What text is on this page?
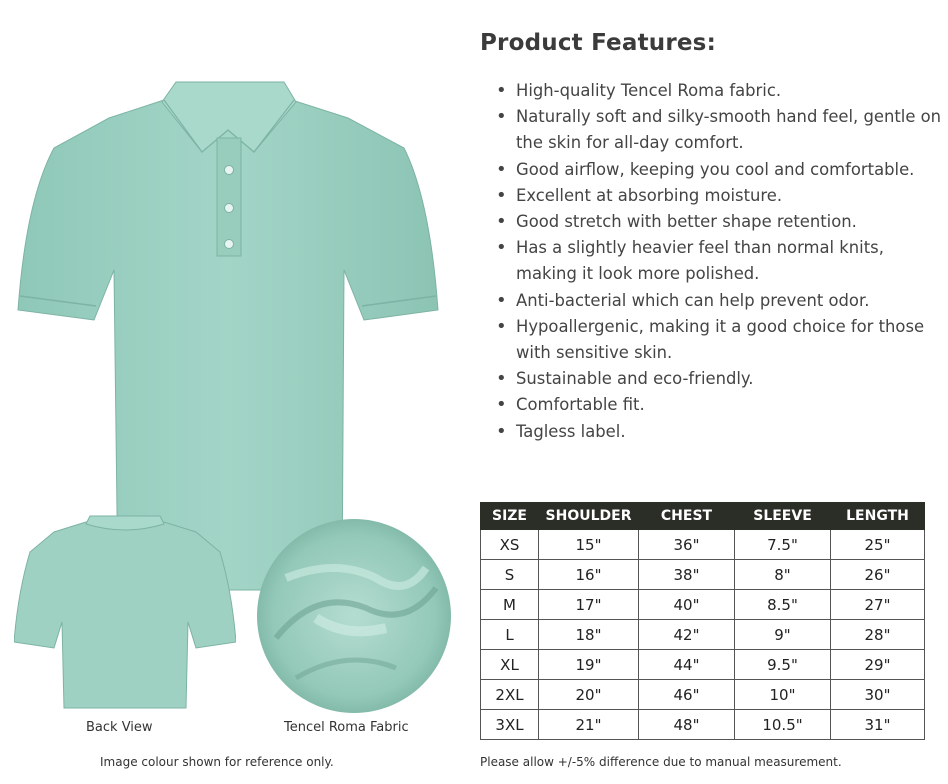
Back View	Tencel Roma Fabric
Image colour shown for reference only.
Product Features:
• High-quality Tencel Roma fabric.
• Naturally soft and silky-smooth hand feel, gentle on the skin for all-day comfort.
• Good airflow, keeping you cool and comfortable.
• Excellent at absorbing moisture.
• Good stretch with better shape retention.
• Has a slightly heavier feel than normal knits, making it look more polished.
• Anti-bacterial which can help prevent odor.
• Hypoallergenic, making it a good choice for those with sensitive skin.
• Sustainable and eco-friendly.
• Comfortable fit.
• Tagless label.
SIZE	SHOULDER	CHEST	SLEEVE	LENGTH
XS	15"	36"	7.5"	25"
S	16"	38"	8"	26"
M	17"	40"	8.5"	27"
L	18"	42"	9"	28"
XL	19"	44"	9.5"	29"
2XL	20"	46"	10"	30"
3XL	21"	48"	10.5"	31"
Please allow +/-5% difference due to manual measurement.
